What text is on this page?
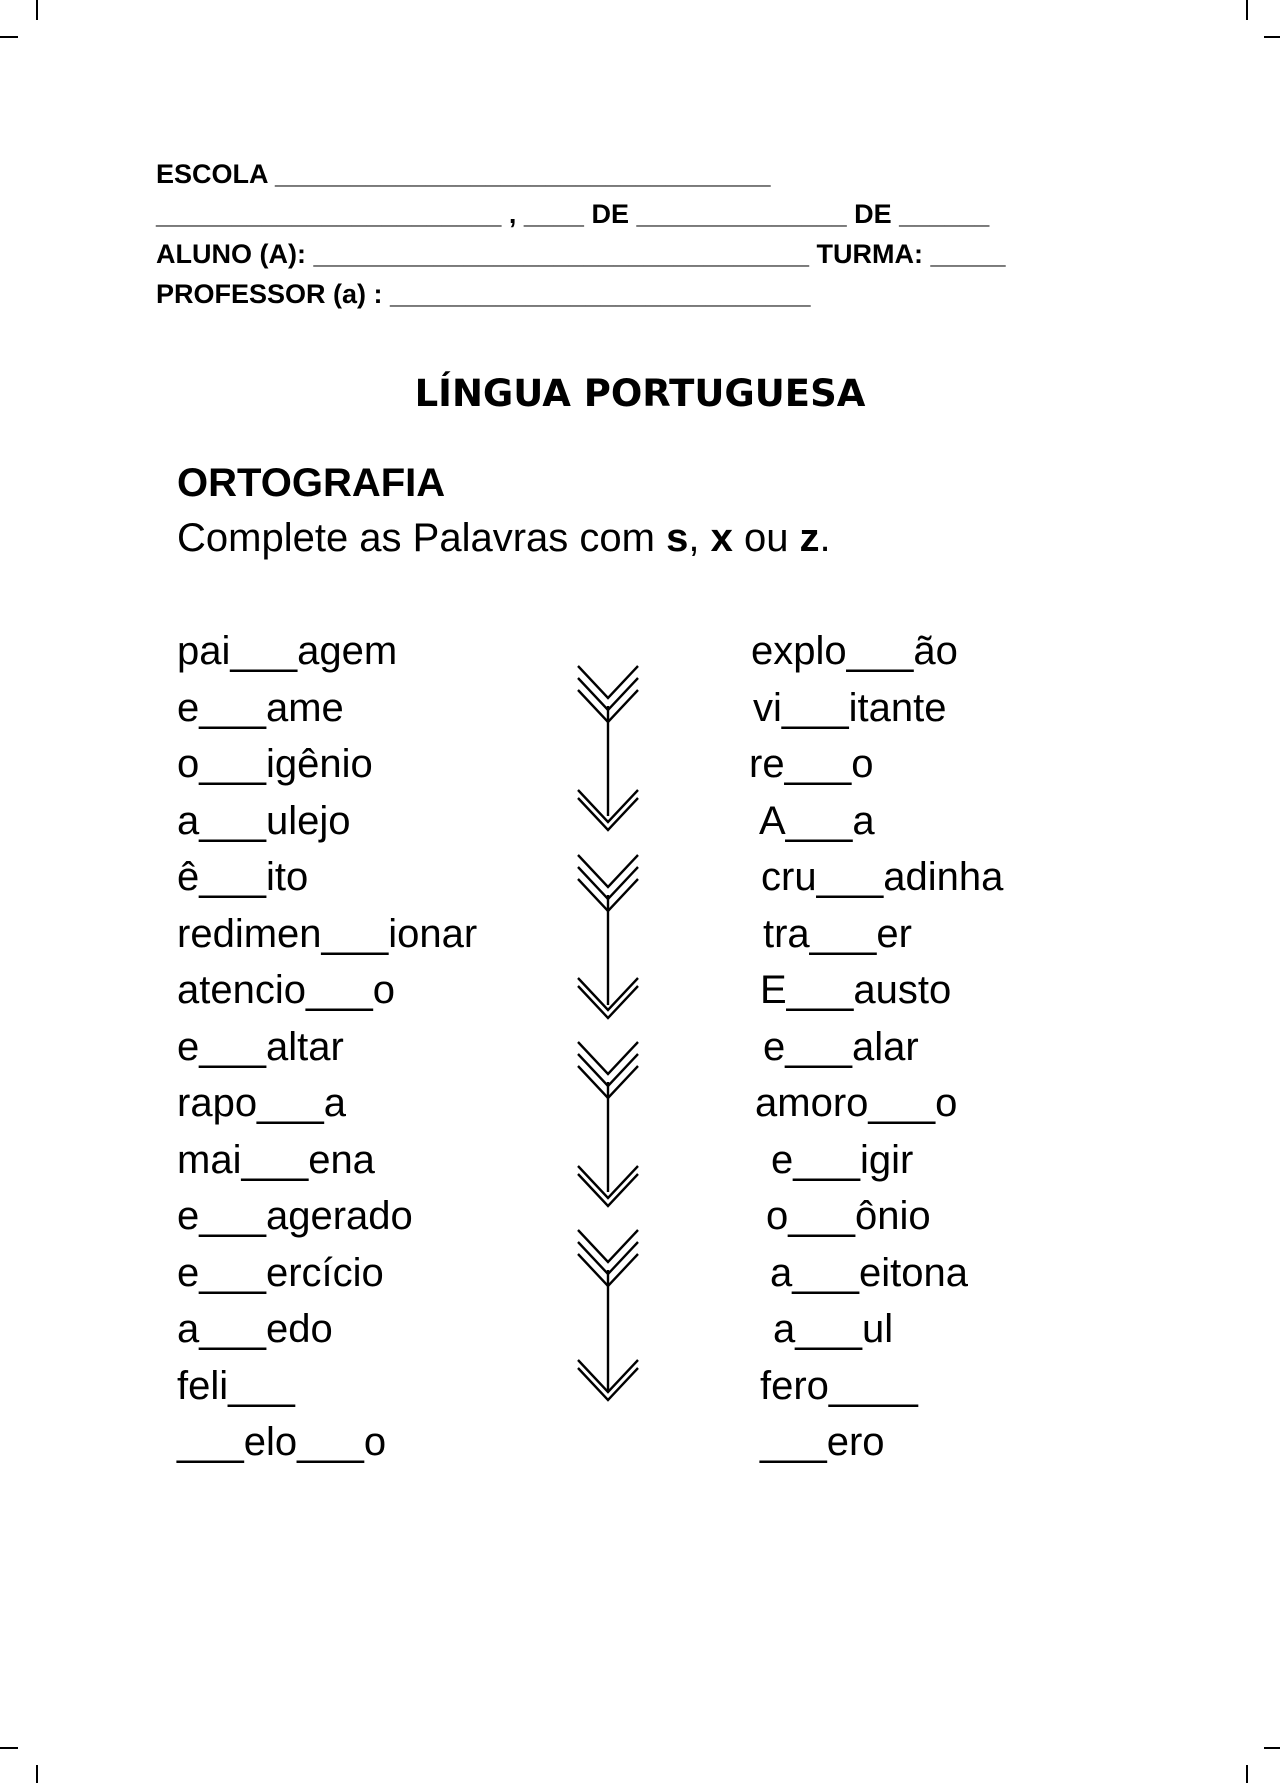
ESCOLA _________________________________
_______________________ , ____ DE ______________ DE ______
ALUNO (A): _________________________________ TURMA: _____
PROFESSOR (a) : ____________________________
LÍNGUA PORTUGUESA
ORTOGRAFIA
Complete as Palavras com s, x ou z.
pai___agem
e___ame
o___igênio
a___ulejo
ê___ito
redimen___ionar
atencio___o
e___altar
rapo___a
mai___ena
e___agerado
e___ercício
a___edo
feli___
___elo___o
explo___ão
vi___itante
re___o
A___a
cru___adinha
tra___er
E___austo
e___alar
amoro___o
e___igir
o___ônio
a___eitona
a___ul
fero____
___ero
